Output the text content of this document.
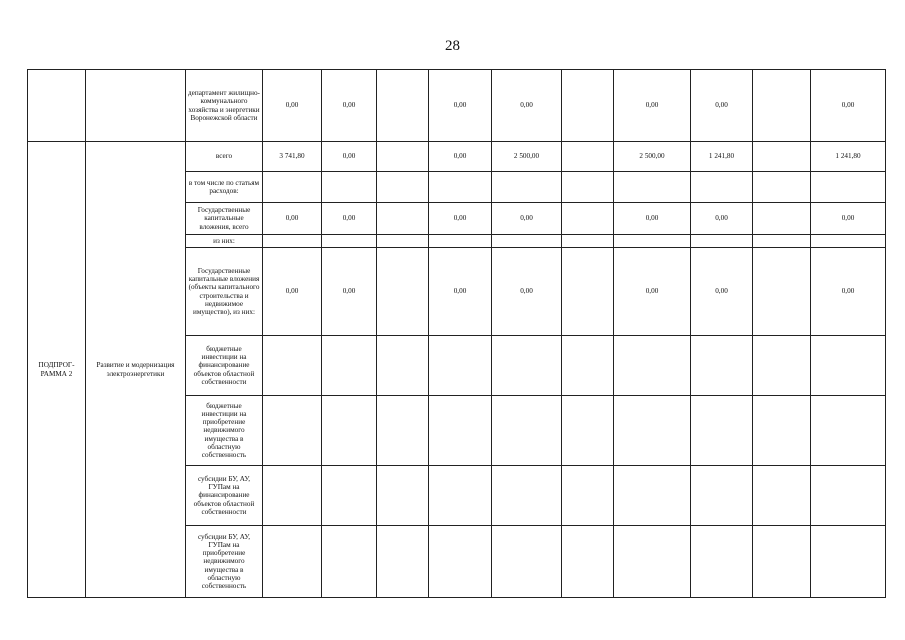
28
		департамент жилищно-коммунального хозяйства и энергетики Воронежской области	0,00	0,00		0,00	0,00		0,00	0,00		0,00
ПОДПРОГ-РАММА 2	Развитие и модернизация электроэнергетики	всего	3 741,80	0,00		0,00	2 500,00		2 500,00	1 241,80		1 241,80
		в том числе по статьям расходов:										
		Государственные капитальные вложения, всего	0,00	0,00		0,00	0,00		0,00	0,00		0,00
		из них:										
		Государственные капитальные вложения (объекты капитального строительства и недвижимое имущество), из них:	0,00	0,00		0,00	0,00		0,00	0,00		0,00
		бюджетные инвестиции на финансирование объектов областной собственности										
		бюджетные инвестиции на приобретение недвижимого имущества в областную собственность										
		субсидии БУ, АУ, ГУПам на финансирование объектов областной собственности										
		субсидии БУ, АУ, ГУПам на приобретение недвижимого имущества в областную собственность										
